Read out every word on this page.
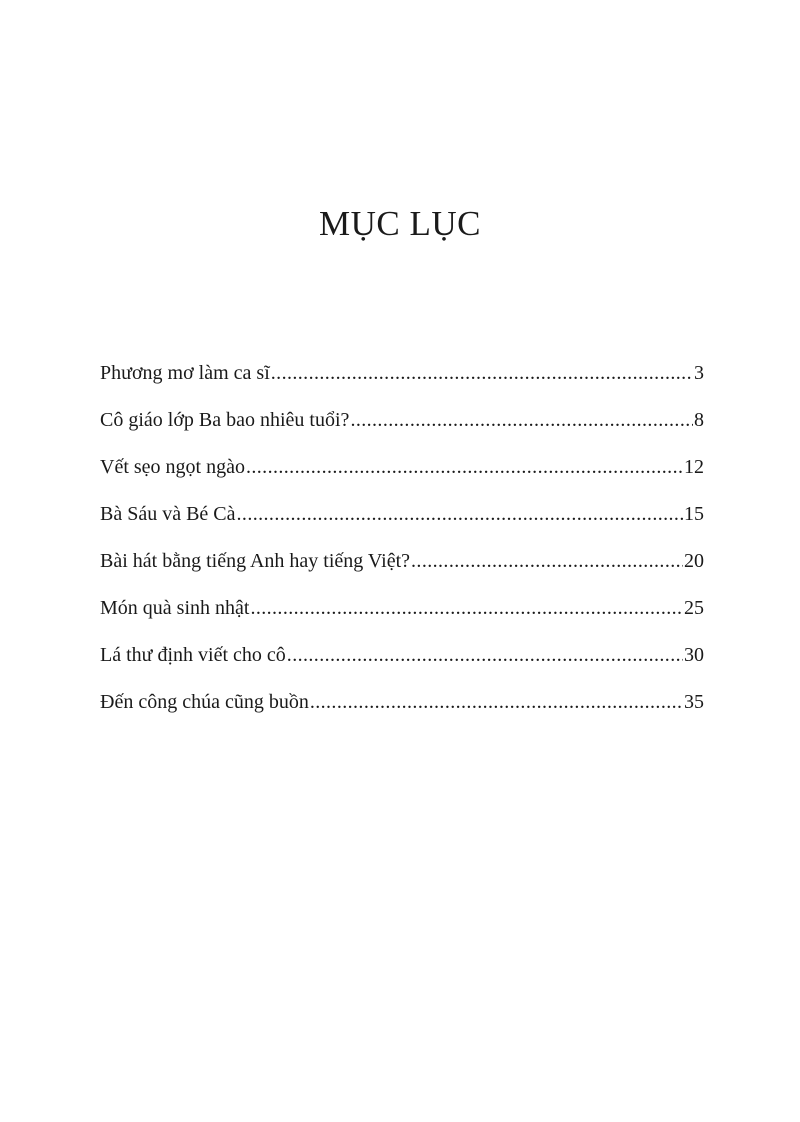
MỤC LỤC
Phương mơ làm ca sĩ .....	3
Cô giáo lớp Ba bao nhiêu tuổi? .....	8
Vết sẹo ngọt ngào .....	12
Bà Sáu và Bé Cà .....	15
Bài hát bằng tiếng Anh hay tiếng Việt? .....	20
Món quà sinh nhật .....	25
Lá thư định viết cho cô .....	30
Đến công chúa cũng buồn .....	35
